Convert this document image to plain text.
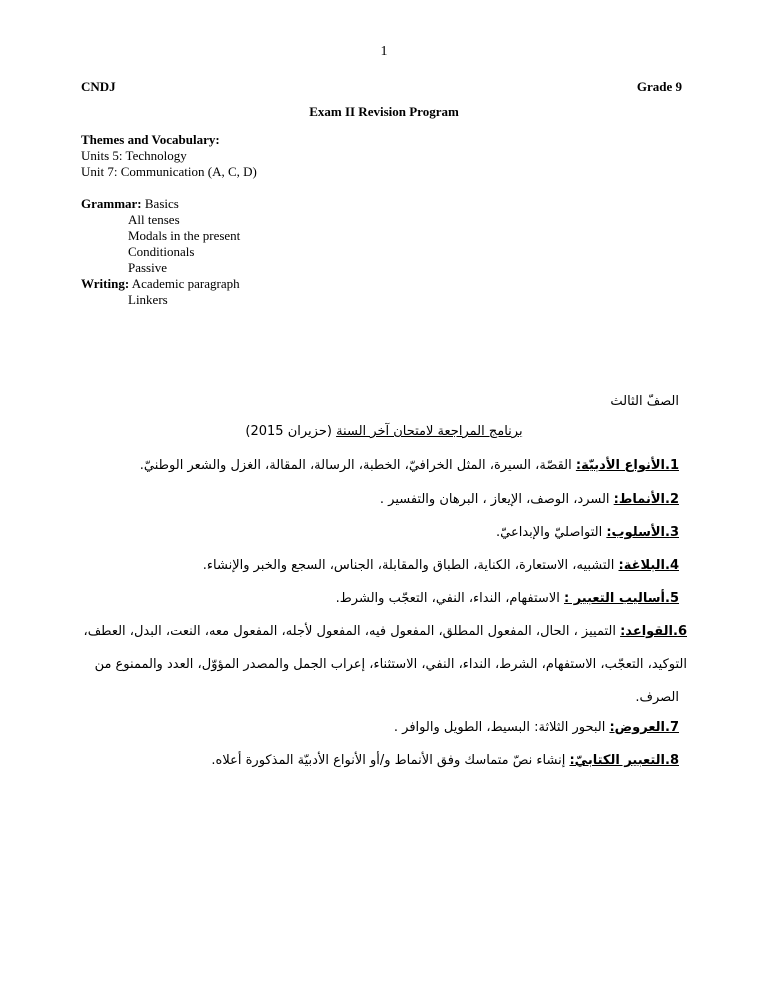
1
CNDJ	Grade 9
Exam II Revision Program
Themes and Vocabulary:
Units 5: Technology
Unit 7: Communication (A, C, D)
Grammar: Basics
All tenses
Modals in the present
Conditionals
Passive
Writing: Academic paragraph
Linkers
الصفّ الثالث
برنامج المراجعة لامتحان آخر السنة (حزيران 2015)
1.الأنواع الأدبيّة: القصّة، السيرة، المثل الخرافيّ، الخطبة، الرسالة، المقالة، الغزل والشعر الوطنيّ.
2.الأنماط: السرد، الوصف، الإيعاز ، البرهان والتفسير .
3.الأسلوب: التواصليّ والإبداعيّ.
4.البلاغة: التشبيه، الاستعارة، الكناية، الطباق والمقابلة، الجناس، السجع والخبر والإنشاء.
5.أساليب التعبير : الاستفهام، النداء، النفي، التعجّب والشرط.
6.القواعد: التمييز ، الحال، المفعول المطلق، المفعول فيه، المفعول لأجله، المفعول معه، النعت، البدل، العطف،
التوكيد، التعجّب، الاستفهام، الشرط، النداء، النفي، الاستثناء، إعراب الجمل والمصدر المؤوّل، العدد والممنوع من
الصرف.
7.العروض: البحور الثلاثة: البسيط، الطويل والوافر .
8.التعبير الكتابيّ: إنشاء نصّ متماسك وفق الأنماط و/أو الأنواع الأدبيّة المذكورة أعلاه.
